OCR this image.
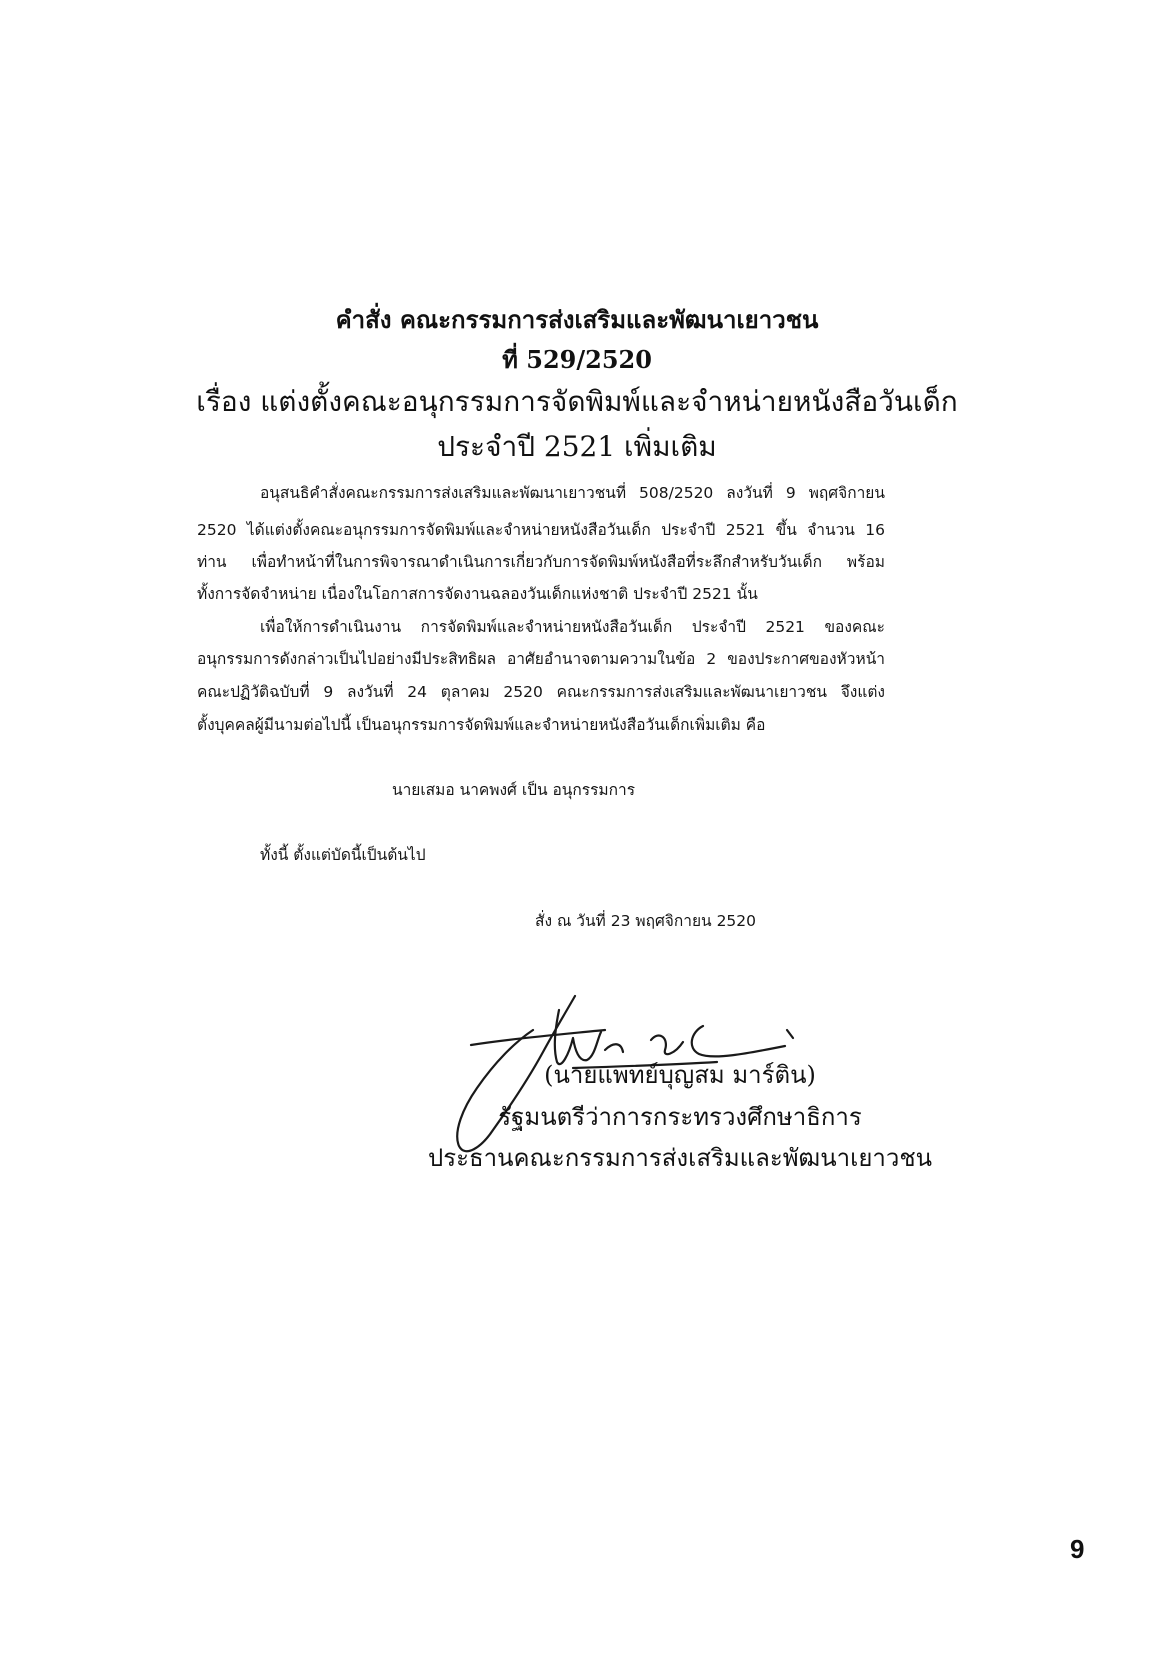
คำสั่ง คณะกรรมการส่งเสริมและพัฒนาเยาวชน
ที่ 529/2520
เรื่อง แต่งตั้งคณะอนุกรรมการจัดพิมพ์และจำหน่ายหนังสือวันเด็ก
ประจำปี 2521 เพิ่มเติม
อนุสนธิคำสั่งคณะกรรมการส่งเสริมและพัฒนาเยาวชนที่ 508/2520 ลงวันที่ 9 พฤศจิกายน
2520 ได้แต่งตั้งคณะอนุกรรมการจัดพิมพ์และจำหน่ายหนังสือวันเด็ก ประจำปี 2521 ขึ้น จำนวน 16
ท่าน เพื่อทำหน้าที่ในการพิจารณาดำเนินการเกี่ยวกับการจัดพิมพ์หนังสือที่ระลึกสำหรับวันเด็ก พร้อม
ทั้งการจัดจำหน่าย เนื่องในโอกาสการจัดงานฉลองวันเด็กแห่งชาติ ประจำปี 2521 นั้น
เพื่อให้การดำเนินงาน การจัดพิมพ์และจำหน่ายหนังสือวันเด็ก ประจำปี 2521 ของคณะ
อนุกรรมการดังกล่าวเป็นไปอย่างมีประสิทธิผล อาศัยอำนาจตามความในข้อ 2 ของประกาศของหัวหน้า
คณะปฏิวัติฉบับที่ 9 ลงวันที่ 24 ตุลาคม 2520 คณะกรรมการส่งเสริมและพัฒนาเยาวชน จึงแต่ง
ตั้งบุคคลผู้มีนามต่อไปนี้ เป็นอนุกรรมการจัดพิมพ์และจำหน่ายหนังสือวันเด็กเพิ่มเติม คือ
นายเสมอ นาคพงศ์ เป็น อนุกรรมการ
ทั้งนี้ ตั้งแต่บัดนี้เป็นต้นไป
สั่ง ณ วันที่ 23 พฤศจิกายน 2520
(นายแพทย์บุญสม มาร์ติน)
รัฐมนตรีว่าการกระทรวงศึกษาธิการ
ประธานคณะกรรมการส่งเสริมและพัฒนาเยาวชน
9
